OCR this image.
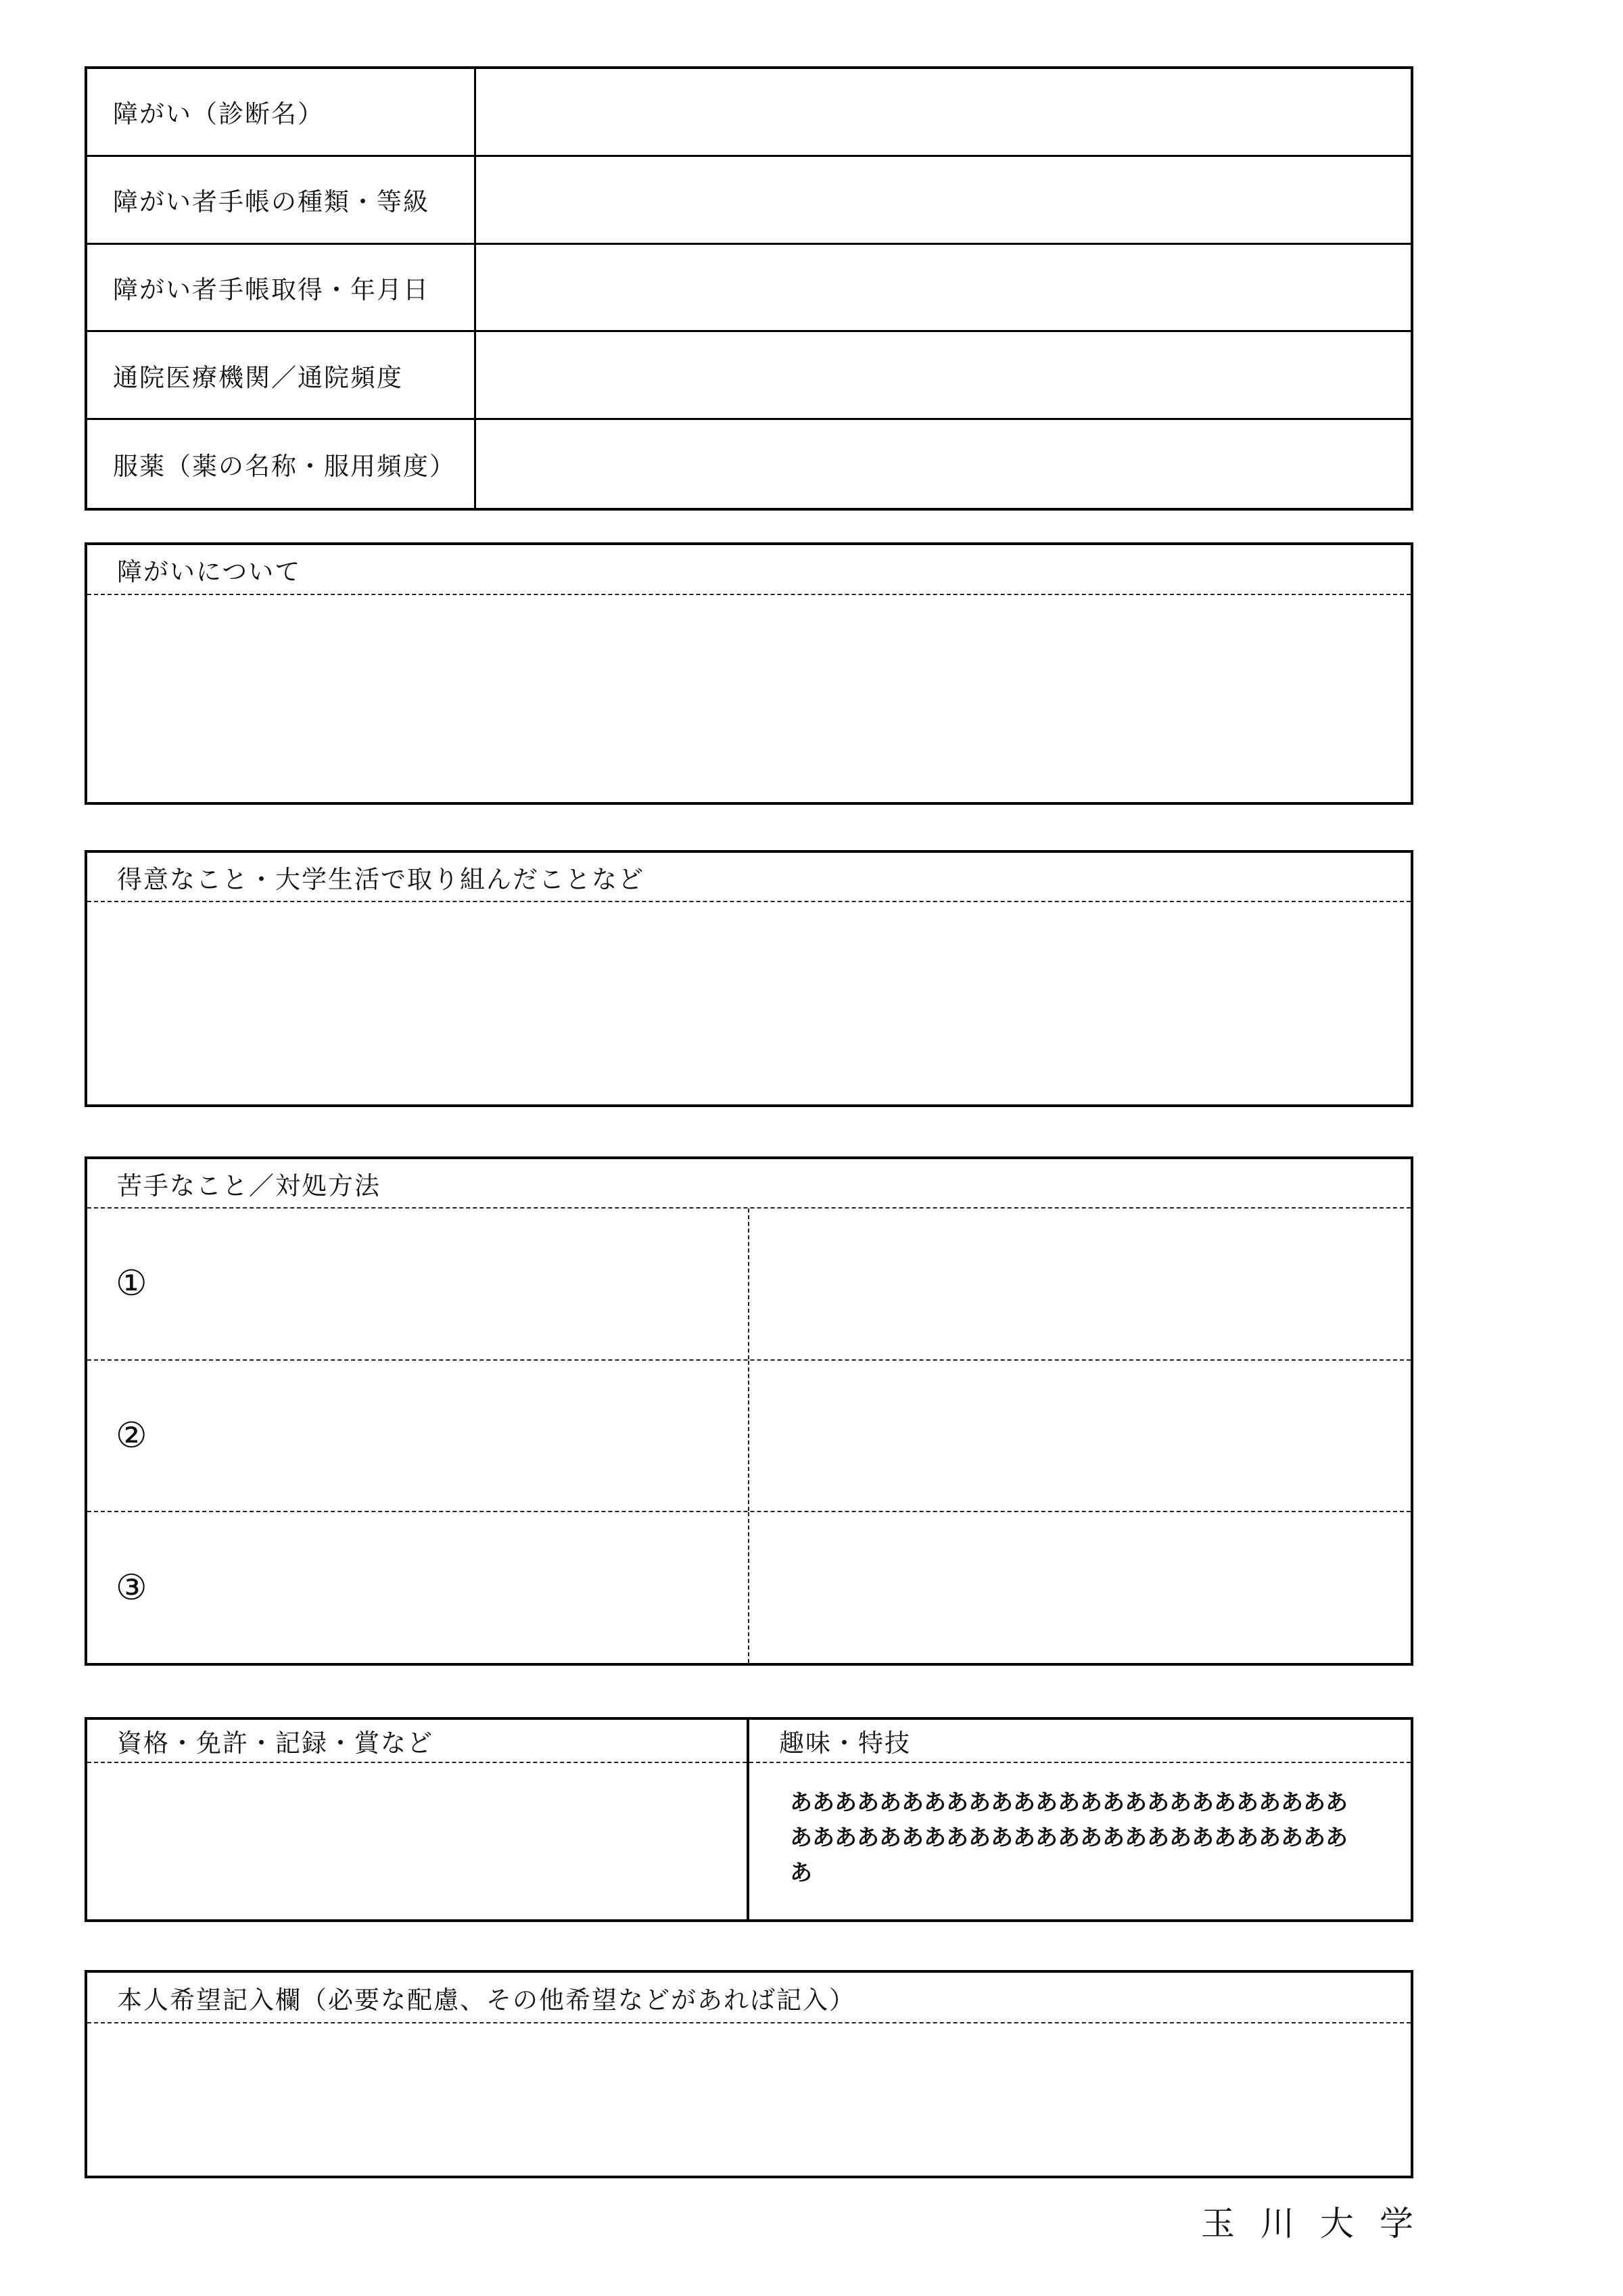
障がい（診断名）
障がい者手帳の種類・等級
障がい者手帳取得・年月日
通院医療機関／通院頻度
服薬（薬の名称・服用頻度）
障がいについて
得意なこと・大学生活で取り組んだことなど
苦手なこと／対処方法
①
②
③
資格・免許・記録・賞など	趣味・特技
あああああああああああああああああああああああああ
あああああああああああああああああああああああああ
あ
本人希望記入欄（必要な配慮、その他希望などがあれば記入）
玉川大学
